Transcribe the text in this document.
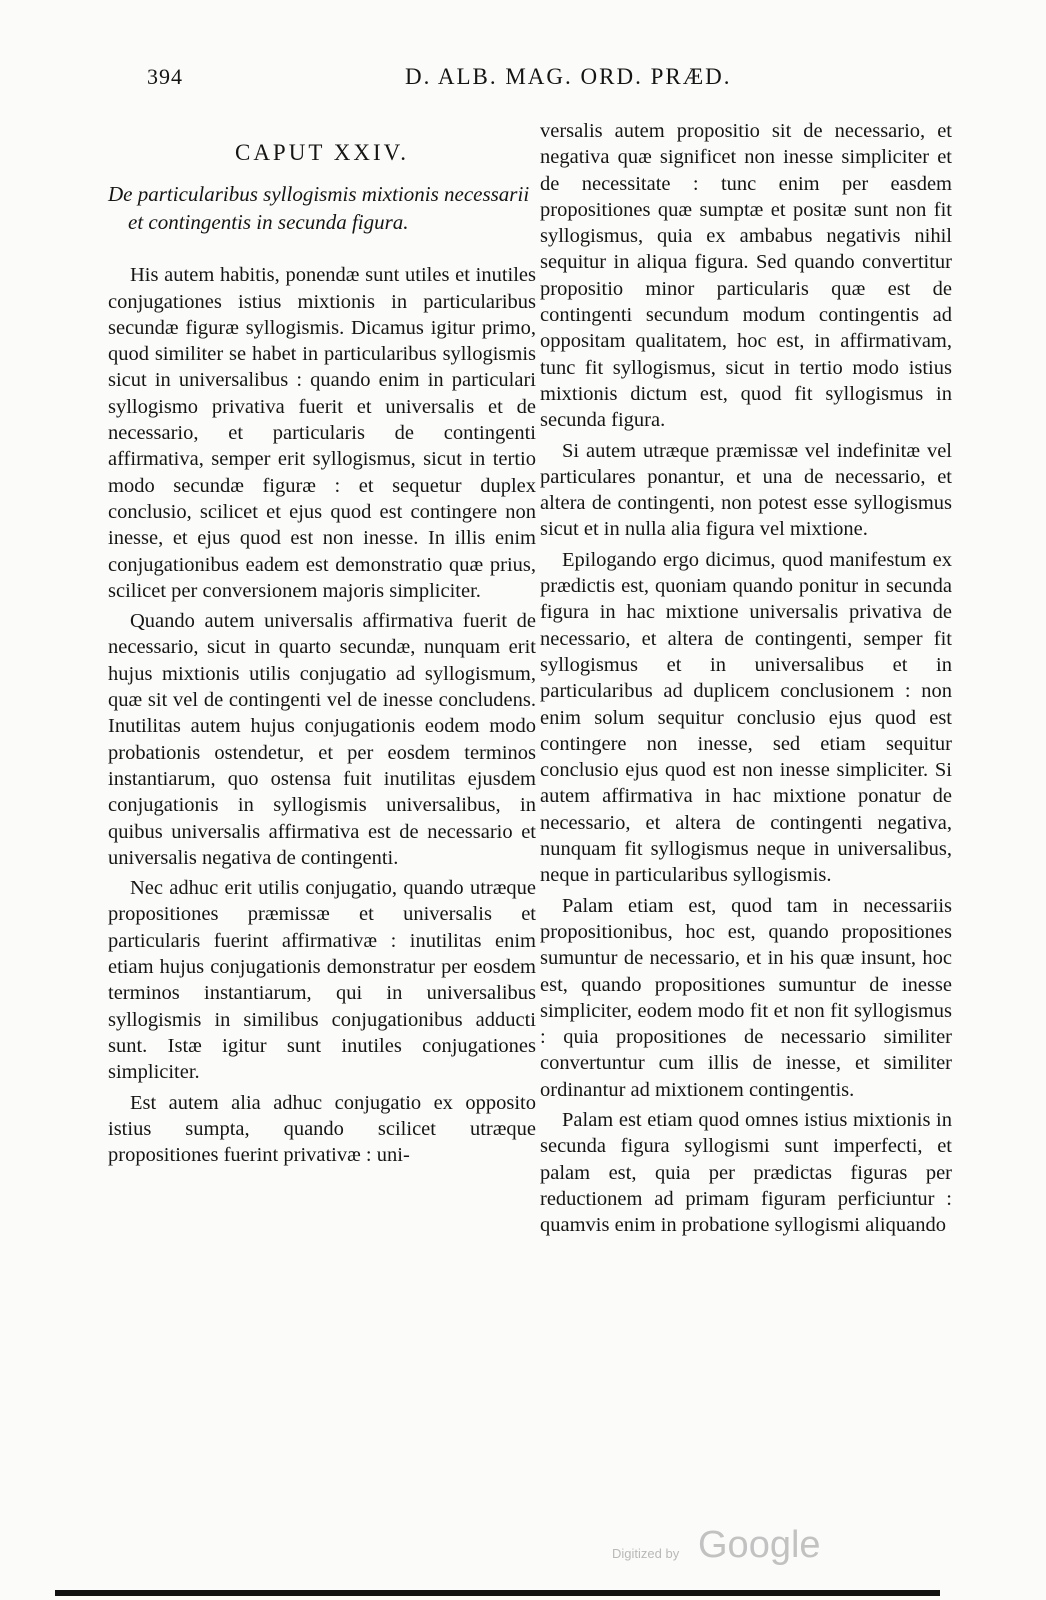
394	D. ALB. MAG. ORD. PRÆD.
CAPUT XXIV.
De particularibus syllogismis mixtionis necessarii et contingentis in secunda figura.

His autem habitis, ponendæ sunt utiles et inutiles conjugationes istius mixtionis in particularibus secundæ figuræ syllogismis. Dicamus igitur primo, quod similiter se habet in particularibus syllogismis sicut in universalibus : quando enim in particulari syllogismo privativa fuerit et universalis et de necessario, et particularis de contingenti affirmativa, semper erit syllogismus, sicut in tertio modo secundæ figuræ : et sequetur duplex conclusio, scilicet et ejus quod est contingere non inesse, et ejus quod est non inesse. In illis enim conjugationibus eadem est demonstratio quæ prius, scilicet per conversionem majoris simpliciter.

Quando autem universalis affirmativa fuerit de necessario, sicut in quarto secundæ, nunquam erit hujus mixtionis utilis conjugatio ad syllogismum, quæ sit vel de contingenti vel de inesse concludens. Inutilitas autem hujus conjugationis eodem modo probationis ostendetur, et per eosdem terminos instantiarum, quo ostensa fuit inutilitas ejusdem conjugationis in syllogismis universalibus, in quibus universalis affirmativa est de necessario et universalis negativa de contingenti.

Nec adhuc erit utilis conjugatio, quando utræque propositiones præmissæ et universalis et particularis fuerint affirmativæ : inutilitas enim etiam hujus conjugationis demonstratur per eosdem terminos instantiarum, qui in universalibus syllogismis in similibus conjugationibus adducti sunt. Istæ igitur sunt inutiles conjugationes simpliciter.

Est autem alia adhuc conjugatio ex opposito istius sumpta, quando scilicet utræque propositiones fuerint privativæ : uni-

versalis autem propositio sit de necessario, et negativa quæ significet non inesse simpliciter et de necessitate : tunc enim per easdem propositiones quæ sumptæ et positæ sunt non fit syllogismus, quia ex ambabus negativis nihil sequitur in aliqua figura. Sed quando convertitur propositio minor particularis quæ est de contingenti secundum modum contingentis ad oppositam qualitatem, hoc est, in affirmativam, tunc fit syllogismus, sicut in tertio modo istius mixtionis dictum est, quod fit syllogismus in secunda figura.

Si autem utræque præmissæ vel indefinitæ vel particulares ponantur, et una de necessario, et altera de contingenti, non potest esse syllogismus sicut et in nulla alia figura vel mixtione.

Epilogando ergo dicimus, quod manifestum ex prædictis est, quoniam quando ponitur in secunda figura in hac mixtione universalis privativa de necessario, et altera de contingenti, semper fit syllogismus et in universalibus et in particularibus ad duplicem conclusionem : non enim solum sequitur conclusio ejus quod est contingere non inesse, sed etiam sequitur conclusio ejus quod est non inesse simpliciter. Si autem affirmativa in hac mixtione ponatur de necessario, et altera de contingenti negativa, nunquam fit syllogismus neque in universalibus, neque in particularibus syllogismis.

Palam etiam est, quod tam in necessariis propositionibus, hoc est, quando propositiones sumuntur de necessario, et in his quæ insunt, hoc est, quando propositiones sumuntur de inesse simpliciter, eodem modo fit et non fit syllogismus : quia propositiones de necessario similiter convertuntur cum illis de inesse, et similiter ordinantur ad mixtionem contingentis.

Palam est etiam quod omnes istius mixtionis in secunda figura syllogismi sunt imperfecti, et palam est, quia per prædictas figuras per reductionem ad primam figuram perficiuntur : quamvis enim in probatione syllogismi aliquando

Digitized by Google
